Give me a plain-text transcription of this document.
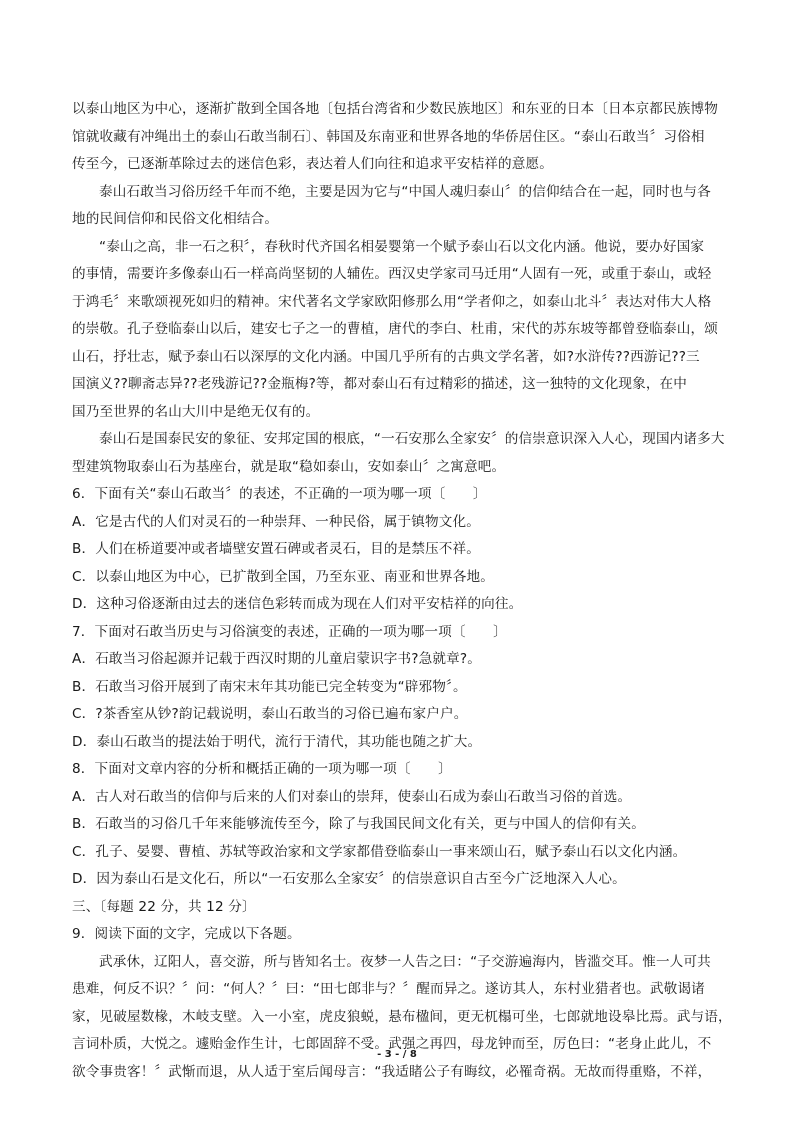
以泰山地区为中心，逐渐扩散到全国各地〔包括台湾省和少数民族地区〕和东亚的日本〔日本京都民族博物
馆就收藏有冲绳出土的泰山石敢当制石〕、韩国及东南亚和世界各地的华侨居住区。“泰山石敢当〞习俗相
传至今，已逐渐革除过去的迷信色彩，表达着人们向往和追求平安桔祥的意愿。
泰山石敢当习俗历经千年而不绝，主要是因为它与“中国人魂归泰山〞的信仰结合在一起，同时也与各
地的民间信仰和民俗文化相结合。
“泰山之高，非一石之积〞，春秋时代齐国名相晏婴第一个赋予泰山石以文化内涵。他说，要办好国家
的事情，需要许多像泰山石一样高尚坚韧的人辅佐。西汉史学家司马迁用“人固有一死，或重于泰山，或轻
于鸿毛〞来歌颂视死如归的精神。宋代著名文学家欧阳修那么用“学者仰之，如泰山北斗〞表达对伟大人格
的崇敬。孔子登临泰山以后，建安七子之一的曹植，唐代的李白、杜甫，宋代的苏东坡等都曾登临泰山，颂
山石，抒壮志，赋予泰山石以深厚的文化内涵。中国几乎所有的古典文学名著，如?水浒传??西游记??三
国演义??聊斋志异??老残游记??金瓶梅?等，都对泰山石有过精彩的描述，这一独特的文化现象，在中
国乃至世界的名山大川中是绝无仅有的。
泰山石是国泰民安的象征、安邦定国的根底，“一石安那么全家安〞的信崇意识深入人心，现国内诸多大
型建筑物取泰山石为基座台，就是取“稳如泰山，安如泰山〞之寓意吧。
6．下面有关“泰山石敢当〞的表述，不正确的一项为哪一项〔　　〕
A．它是古代的人们对灵石的一种崇拜、一种民俗，属于镇物文化。
B．人们在桥道要冲或者墙壁安置石碑或者灵石，目的是禁压不祥。
C．以泰山地区为中心，已扩散到全国，乃至东亚、南亚和世界各地。
D．这种习俗逐渐由过去的迷信色彩转而成为现在人们对平安桔祥的向往。
7．下面对石敢当历史与习俗演变的表述，正确的一项为哪一项〔　　〕
A．石敢当习俗起源并记载于西汉时期的儿童启蒙识字书?急就章?。
B．石敢当习俗开展到了南宋末年其功能已完全转变为“辟邪物〞。
C．?茶香室从钞?韵记载说明，泰山石敢当的习俗已遍布家户户。
D．泰山石敢当的提法始于明代，流行于清代，其功能也随之扩大。
8．下面对文章内容的分析和概括正确的一项为哪一项〔　　〕
A．古人对石敢当的信仰与后来的人们对泰山的崇拜，使泰山石成为泰山石敢当习俗的首选。
B．石敢当的习俗几千年来能够流传至今，除了与我国民间文化有关，更与中国人的信仰有关。
C．孔子、晏婴、曹植、苏轼等政治家和文学家都借登临泰山一事来颂山石，赋予泰山石以文化内涵。
D．因为泰山石是文化石，所以“一石安那么全家安〞的信崇意识自古至今广泛地深入人心。
三、〔每题 22 分，共 12 分〕
9．阅读下面的文字，完成以下各题。
武承休，辽阳人，喜交游，所与皆知名士。夜梦一人告之曰：“子交游遍海内，皆滥交耳。惟一人可共
患难，何反不识？〞问：“何人？〞曰：“田七郎非与？〞醒而异之。遂访其人，东村业猎者也。武敬谒诸
家，见破屋数椽，木岐支壁。入一小室，虎皮狼蜕，悬布楹间，更无杌榻可坐，七郎就地设皋比焉。武与语，
言词朴质，大悦之。遽贻金作生计，七郎固辞不受。武强之再四，母龙钟而至，厉色曰：“老身止此儿，不
欲令事贵客！〞武惭而退，从人适于室后闻母言：“我适睹公子有晦纹，必罹奇祸。无故而得重赂，不祥，
- 3 - / 8
